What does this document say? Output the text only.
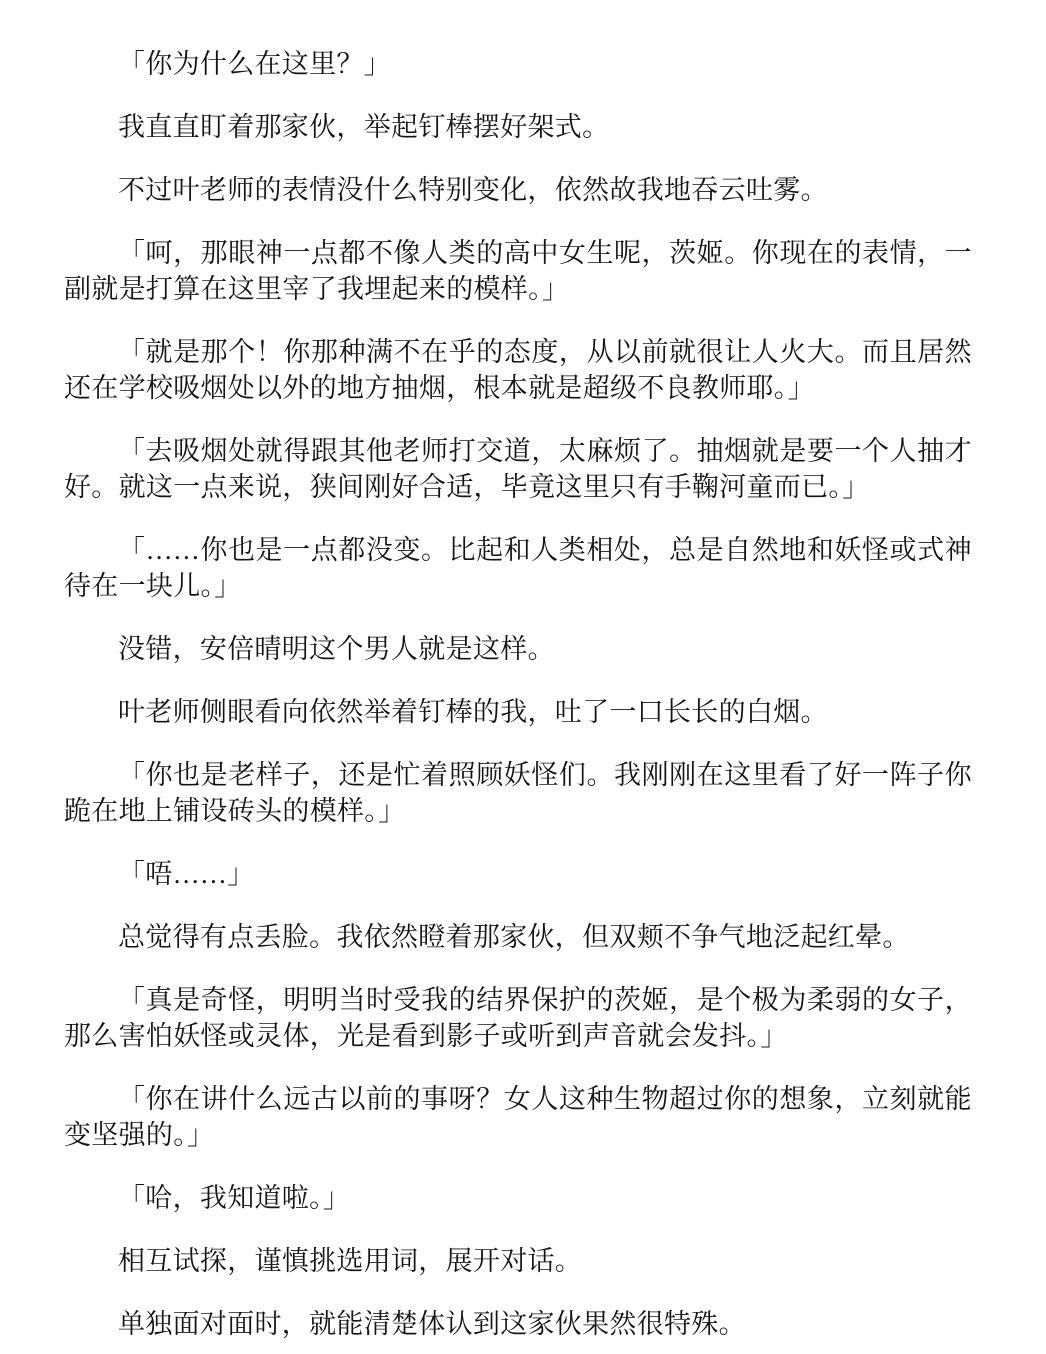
「你为什么在这里？」

我直直盯着那家伙，举起钉棒摆好架式。

不过叶老师的表情没什么特别变化，依然故我地吞云吐雾。

「呵，那眼神一点都不像人类的高中女生呢，茨姬。你现在的表情，一副就是打算在这里宰了我埋起来的模样。」

「就是那个！你那种满不在乎的态度，从以前就很让人火大。而且居然还在学校吸烟处以外的地方抽烟，根本就是超级不良教师耶。」

「去吸烟处就得跟其他老师打交道，太麻烦了。抽烟就是要一个人抽才好。就这一点来说，狭间刚好合适，毕竟这里只有手鞠河童而已。」

「……你也是一点都没变。比起和人类相处，总是自然地和妖怪或式神待在一块儿。」

没错，安倍晴明这个男人就是这样。

叶老师侧眼看向依然举着钉棒的我，吐了一口长长的白烟。

「你也是老样子，还是忙着照顾妖怪们。我刚刚在这里看了好一阵子你跪在地上铺设砖头的模样。」

「唔……」

总觉得有点丢脸。我依然瞪着那家伙，但双颊不争气地泛起红晕。

「真是奇怪，明明当时受我的结界保护的茨姬，是个极为柔弱的女子，那么害怕妖怪或灵体，光是看到影子或听到声音就会发抖。」

「你在讲什么远古以前的事呀？女人这种生物超过你的想象，立刻就能变坚强的。」

「哈，我知道啦。」

相互试探，谨慎挑选用词，展开对话。

单独面对面时，就能清楚体认到这家伙果然很特殊。
